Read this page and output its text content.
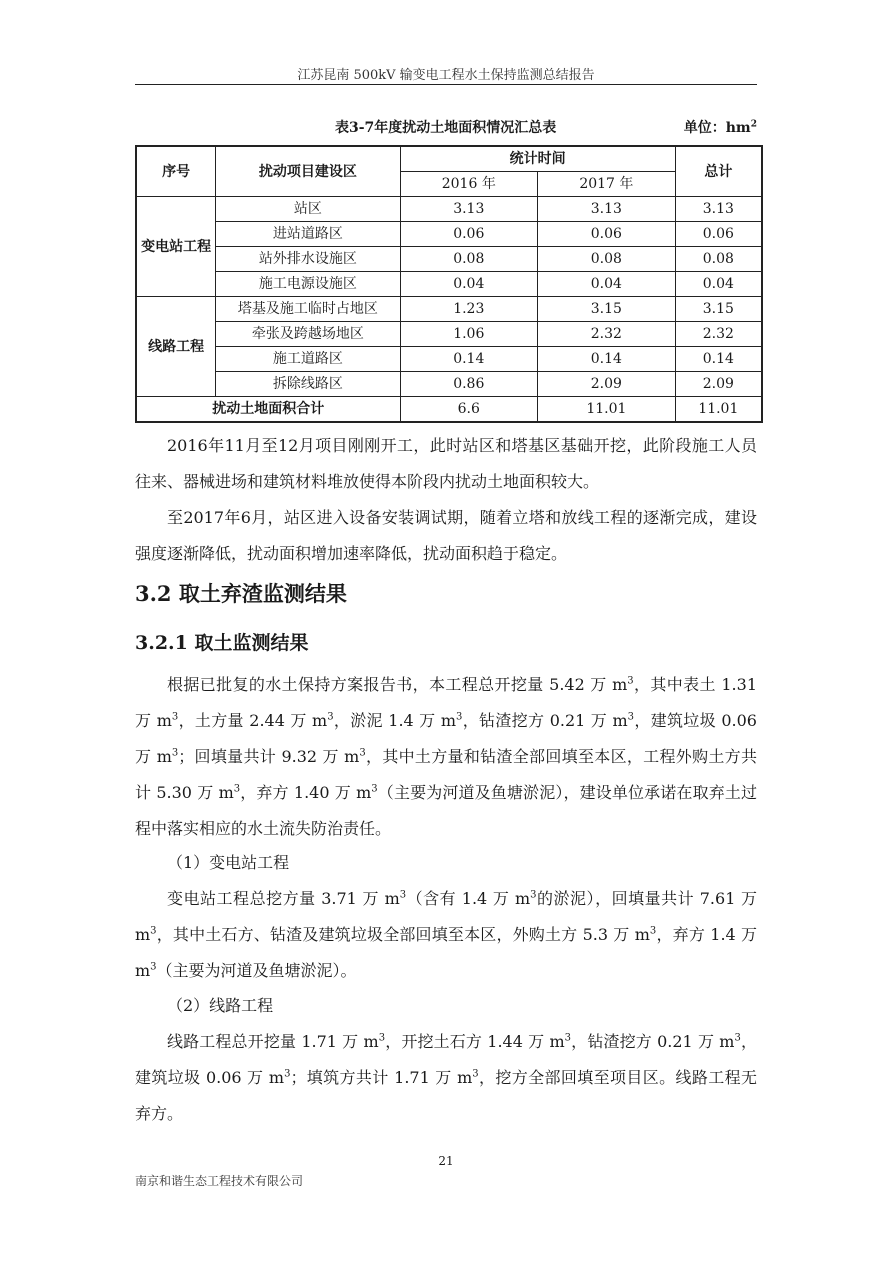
江苏昆南 500kV 输变电工程水土保持监测总结报告
表3-7年度扰动土地面积情况汇总表	单位：$hm^2$
序号	扰动项目建设区	统计时间		总计
		2016 年	2017 年	
变电站工程	站区	3.13	3.13	3.13
	进站道路区	0.06	0.06	0.06
	站外排水设施区	0.08	0.08	0.08
	施工电源设施区	0.04	0.04	0.04
线路工程	塔基及施工临时占地区	1.23	3.15	3.15
	牵张及跨越场地区	1.06	2.32	2.32
	施工道路区	0.14	0.14	0.14
	拆除线路区	0.86	2.09	2.09
扰动土地面积合计		6.6	11.01	11.01
2016年11月至12月项目刚刚开工，此时站区和塔基区基础开挖，此阶段施工人员往来、器械进场和建筑材料堆放使得本阶段内扰动土地面积较大。
至2017年6月，站区进入设备安装调试期，随着立塔和放线工程的逐渐完成，建设强度逐渐降低，扰动面积增加速率降低，扰动面积趋于稳定。
3.2 取土弃渣监测结果
3.2.1 取土监测结果
根据已批复的水土保持方案报告书，本工程总开挖量 5.42 万 $m^3$，其中表土 1.31 万 $m^3$，土方量 2.44 万 $m^3$，淤泥 1.4 万 $m^3$，钻渣挖方 0.21 万 $m^3$，建筑垃圾 0.06 万 $m^3$；回填量共计 9.32 万 $m^3$，其中土方量和钻渣全部回填至本区，工程外购土方共计 5.30 万 $m^3$，弃方 1.40 万 $m^3$（主要为河道及鱼塘淤泥），建设单位承诺在取弃土过程中落实相应的水土流失防治责任。
（1）变电站工程
变电站工程总挖方量 3.71 万 $m^3$（含有 1.4 万 $m^3$的淤泥），回填量共计 7.61 万 $m^3$，其中土石方、钻渣及建筑垃圾全部回填至本区，外购土方 5.3 万 $m^3$，弃方 1.4 万 $m^3$（主要为河道及鱼塘淤泥）。
（2）线路工程
线路工程总开挖量 1.71 万 $m^3$，开挖土石方 1.44 万 $m^3$，钻渣挖方 0.21 万 $m^3$，建筑垃圾 0.06 万 $m^3$；填筑方共计 1.71 万 $m^3$，挖方全部回填至项目区。线路工程无弃方。
21
南京和谐生态工程技术有限公司
